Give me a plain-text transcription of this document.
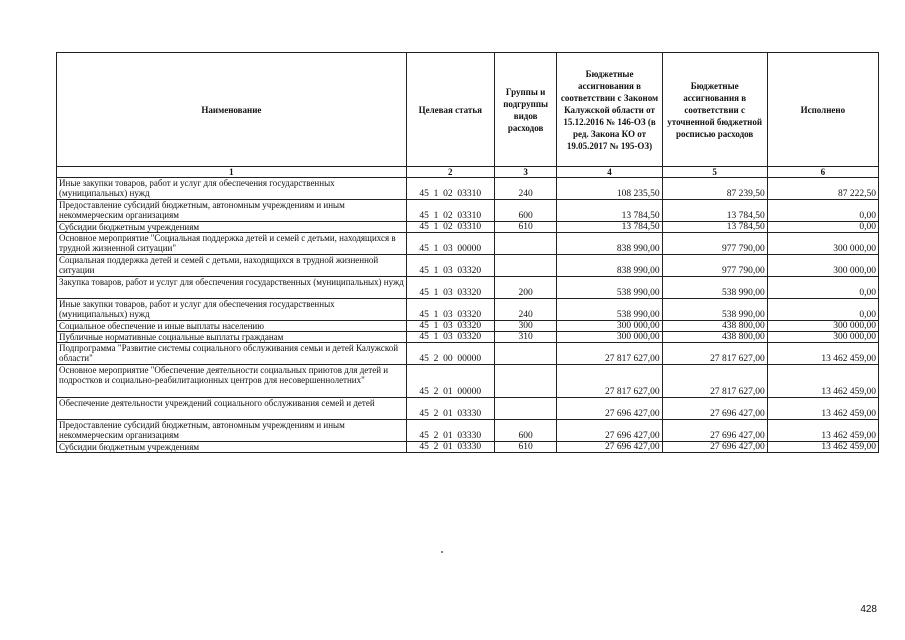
Наименование	Целевая статья	Группы и подгруппы видов расходов	Бюджетные ассигнования в соответствии с Законом Калужской области от 15.12.2016 № 146-ОЗ (в ред. Закона КО от 19.05.2017 № 195-ОЗ)	Бюджетные ассигнования в соответствии с уточненной бюджетной росписью расходов	Исполнено
1	2	3	4	5	6
Иные закупки товаров, работ и услуг для обеспечения государственных (муниципальных) нужд	45  1  02  03310	240	108 235,50	87 239,50	87 222,50
Предоставление субсидий бюджетным, автономным учреждениям и иным некоммерческим организациям	45  1  02  03310	600	13 784,50	13 784,50	0,00
Субсидии бюджетным учреждениям	45  1  02  03310	610	13 784,50	13 784,50	0,00
Основное мероприятие "Социальная поддержка детей и семей с детьми, находящихся в трудной жизненной ситуации"	45  1  03  00000		838 990,00	977 790,00	300 000,00
Социальная поддержка детей и семей с детьми, находящихся в трудной жизненной ситуации	45  1  03  03320		838 990,00	977 790,00	300 000,00
Закупка товаров, работ и услуг для обеспечения государственных (муниципальных) нужд	45  1  03  03320	200	538 990,00	538 990,00	0,00
Иные закупки товаров, работ и услуг для обеспечения государственных (муниципальных) нужд	45  1  03  03320	240	538 990,00	538 990,00	0,00
Социальное обеспечение и иные выплаты населению	45  1  03  03320	300	300 000,00	438 800,00	300 000,00
Публичные нормативные социальные выплаты гражданам	45  1  03  03320	310	300 000,00	438 800,00	300 000,00
Подпрограмма "Развитие системы социального обслуживания семьи и детей Калужской области"	45  2  00  00000		27 817 627,00	27 817 627,00	13 462 459,00
Основное мероприятие "Обеспечение деятельности социальных приютов для детей и подростков и социально-реабилитационных центров для несовершеннолетних"	45  2  01  00000		27 817 627,00	27 817 627,00	13 462 459,00
Обеспечение деятельности учреждений социального обслуживания семей и детей	45  2  01  03330		27 696 427,00	27 696 427,00	13 462 459,00
Предоставление субсидий бюджетным, автономным учреждениям и иным некоммерческим организациям	45  2  01  03330	600	27 696 427,00	27 696 427,00	13 462 459,00
Субсидии бюджетным учреждениям	45  2  01  03330	610	27 696 427,00	27 696 427,00	13 462 459,00
428
